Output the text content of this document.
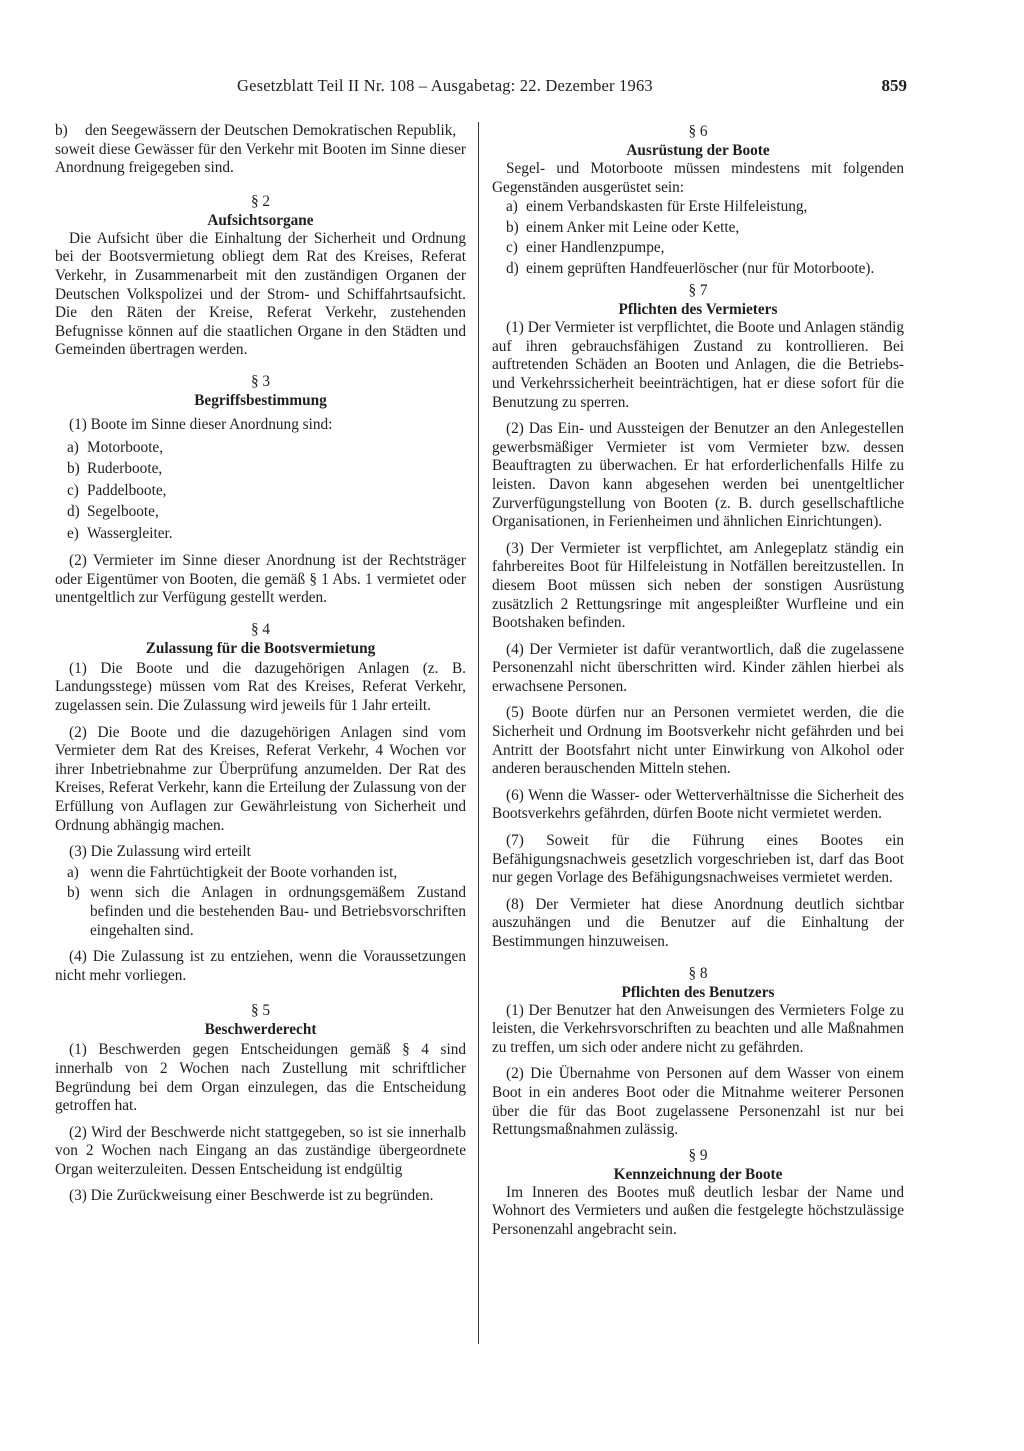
Gesetzblatt Teil II Nr. 108 – Ausgabetag: 22. Dezember 1963	859
b)	den Seegewässern der Deutschen Demokratischen Republik,

soweit diese Gewässer für den Verkehr mit Booten im Sinne dieser Anordnung freigegeben sind.

§ 2

Aufsichtsorgane

Die Aufsicht über die Einhaltung der Sicherheit und Ordnung bei der Bootsvermietung obliegt dem Rat des Kreises, Referat Verkehr, in Zusammenarbeit mit den zuständigen Organen der Deutschen Volkspolizei und der Strom- und Schiffahrtsaufsicht. Die den Räten der Kreise, Referat Verkehr, zustehenden Befugnisse können auf die staatlichen Organe in den Städten und Gemeinden übertragen werden.

§ 3

Begriffsbestimmung

(1) Boote im Sinne dieser Anordnung sind:

a) Motorboote,
b) Ruderboote,
c) Paddelboote,
d) Segelboote,
e) Wassergleiter.

(2) Vermieter im Sinne dieser Anordnung ist der Rechtsträger oder Eigentümer von Booten, die gemäß § 1 Abs. 1 vermietet oder unentgeltlich zur Verfügung gestellt werden.

§ 4

Zulassung für die Bootsvermietung

(1) Die Boote und die dazugehörigen Anlagen (z. B. Landungsstege) müssen vom Rat des Kreises, Referat Verkehr, zugelassen sein. Die Zulassung wird jeweils für 1 Jahr erteilt.

(2) Die Boote und die dazugehörigen Anlagen sind vom Vermieter dem Rat des Kreises, Referat Verkehr, 4 Wochen vor ihrer Inbetriebnahme zur Überprüfung anzumelden. Der Rat des Kreises, Referat Verkehr, kann die Erteilung der Zulassung von der Erfüllung von Auflagen zur Gewährleistung von Sicherheit und Ordnung abhängig machen.

(3) Die Zulassung wird erteilt

a) wenn die Fahrtüchtigkeit der Boote vorhanden ist,
b) wenn sich die Anlagen in ordnungsgemäßem Zustand befinden und die bestehenden Bau- und Betriebsvorschriften eingehalten sind.

(4) Die Zulassung ist zu entziehen, wenn die Voraussetzungen nicht mehr vorliegen.

§ 5

Beschwerderecht

(1) Beschwerden gegen Entscheidungen gemäß § 4 sind innerhalb von 2 Wochen nach Zustellung mit schriftlicher Begründung bei dem Organ einzulegen, das die Entscheidung getroffen hat.

(2) Wird der Beschwerde nicht stattgegeben, so ist sie innerhalb von 2 Wochen nach Eingang an das zuständige übergeordnete Organ weiterzuleiten. Dessen Entscheidung ist endgültig

(3) Die Zurückweisung einer Beschwerde ist zu begründen.

§ 6

Ausrüstung der Boote

Segel- und Motorboote müssen mindestens mit folgenden Gegenständen ausgerüstet sein:

a) einem Verbandskasten für Erste Hilfeleistung,
b) einem Anker mit Leine oder Kette,
c) einer Handlenzpumpe,
d) einem geprüften Handfeuerlöscher (nur für Motorboote).

§ 7

Pflichten des Vermieters

(1) Der Vermieter ist verpflichtet, die Boote und Anlagen ständig auf ihren gebrauchsfähigen Zustand zu kontrollieren. Bei auftretenden Schäden an Booten und Anlagen, die die Betriebs- und Verkehrssicherheit beeinträchtigen, hat er diese sofort für die Benutzung zu sperren.

(2) Das Ein- und Aussteigen der Benutzer an den Anlegestellen gewerbsmäßiger Vermieter ist vom Vermieter bzw. dessen Beauftragten zu überwachen. Er hat erforderlichenfalls Hilfe zu leisten. Davon kann abgesehen werden bei unentgeltlicher Zurverfügungstellung von Booten (z. B. durch gesellschaftliche Organisationen, in Ferienheimen und ähnlichen Einrichtungen).

(3) Der Vermieter ist verpflichtet, am Anlegeplatz ständig ein fahrbereites Boot für Hilfeleistung in Notfällen bereitzustellen. In diesem Boot müssen sich neben der sonstigen Ausrüstung zusätzlich 2 Rettungsringe mit angespleißter Wurfleine und ein Bootshaken befinden.

(4) Der Vermieter ist dafür verantwortlich, daß die zugelassene Personenzahl nicht überschritten wird. Kinder zählen hierbei als erwachsene Personen.

(5) Boote dürfen nur an Personen vermietet werden, die die Sicherheit und Ordnung im Bootsverkehr nicht gefährden und bei Antritt der Bootsfahrt nicht unter Einwirkung von Alkohol oder anderen berauschenden Mitteln stehen.

(6) Wenn die Wasser- oder Wetterverhältnisse die Sicherheit des Bootsverkehrs gefährden, dürfen Boote nicht vermietet werden.

(7) Soweit für die Führung eines Bootes ein Befähigungsnachweis gesetzlich vorgeschrieben ist, darf das Boot nur gegen Vorlage des Befähigungsnachweises vermietet werden.

(8) Der Vermieter hat diese Anordnung deutlich sichtbar auszuhängen und die Benutzer auf die Einhaltung der Bestimmungen hinzuweisen.

§ 8

Pflichten des Benutzers

(1) Der Benutzer hat den Anweisungen des Vermieters Folge zu leisten, die Verkehrsvorschriften zu beachten und alle Maßnahmen zu treffen, um sich oder andere nicht zu gefährden.

(2) Die Übernahme von Personen auf dem Wasser von einem Boot in ein anderes Boot oder die Mitnahme weiterer Personen über die für das Boot zugelassene Personenzahl ist nur bei Rettungsmaßnahmen zulässig.

§ 9

Kennzeichnung der Boote

Im Inneren des Bootes muß deutlich lesbar der Name und Wohnort des Vermieters und außen die festgelegte höchstzulässige Personenzahl angebracht sein.
